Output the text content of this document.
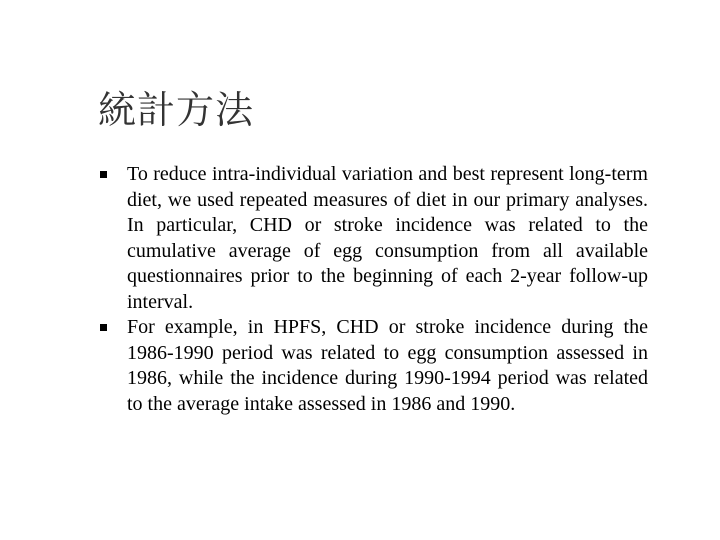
統計方法

To reduce intra-individual variation and best represent long-term diet, we used repeated measures of diet in our primary analyses. In particular, CHD or stroke incidence was related to the cumulative average of egg consumption from all available questionnaires prior to the beginning of each 2-year follow-up interval.

For example, in HPFS, CHD or stroke incidence during the 1986-1990 period was related to egg consumption assessed in 1986, while the incidence during 1990-1994 period was related to the average intake assessed in 1986 and 1990.
